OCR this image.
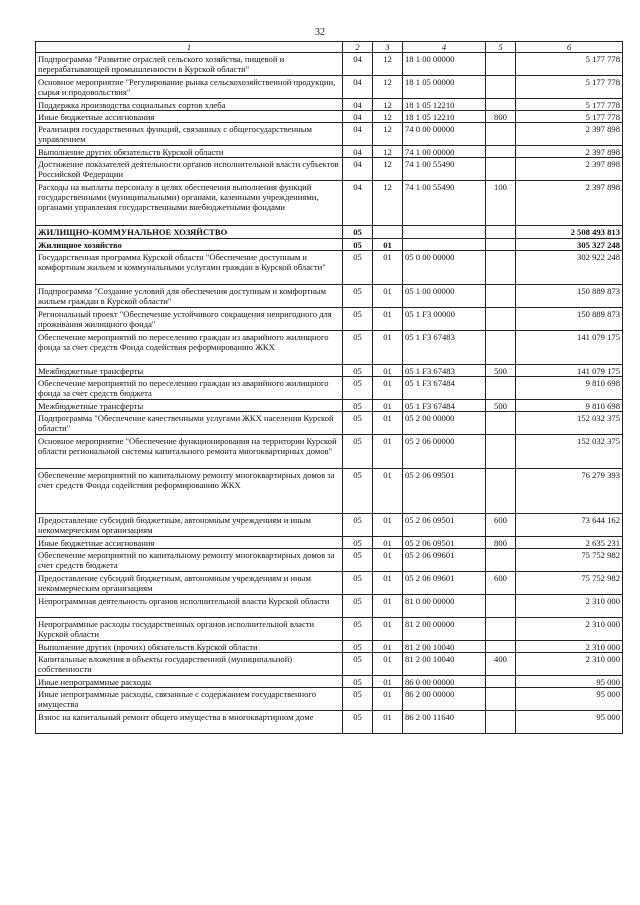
32
1	2	3	4	5	6
Подпрограмма "Развитие отраслей сельского хозяйства, пищевой и перерабатывающей промышленности в Курской области"	04	12	18 1 00 00000		5 177 778
Основное мероприятие "Регулирование рынка сельскохозяйственной продукции, сырья и продовольствия"	04	12	18 1 05 00000		5 177 778
Поддержка производства социальных сортов хлеба	04	12	18 1 05 12210		5 177 778
Иные бюджетные ассигнования	04	12	18 1 05 12210	800	5 177 778
Реализация государственных функций, связанных с общегосударственным управлением	04	12	74 0 00 00000		2 397 898
Выполнение других обязательств Курской области	04	12	74 1 00 00000		2 397 898
Достижение показателей деятельности органов исполнительной власти субъектов Российской Федерации	04	12	74 1 00 55490		2 397 898
Расходы на выплаты персоналу в целях обеспечения выполнения функций государственными (муниципальными) органами, казенными учреждениями, органами управления государственными внебюджетными фондами	04	12	74 1 00 55490	100	2 397 898
ЖИЛИЩНО-КОММУНАЛЬНОЕ ХОЗЯЙСТВО	05				2 508 493 813
Жилищное хозяйство	05	01			305 327 248
Государственная программа Курской области "Обеспечение доступным и комфортным жильем и коммунальными услугами граждан в Курской области"	05	01	05 0 00 00000		302 922 248
Подпрограмма "Создание условий для обеспечения доступным и комфортным жильем граждан в Курской области"	05	01	05 1 00 00000		150 889 873
Региональный проект "Обеспечение устойчивого сокращения непригодного для проживания жилищного фонда"	05	01	05 1 F3 00000		150 889 873
Обеспечение мероприятий по переселению граждан из аварийного жилищного фонда за счет средств Фонда содействия реформированию ЖКХ	05	01	05 1 F3 67483		141 079 175
Межбюджетные трансферты	05	01	05 1 F3 67483	500	141 079 175
Обеспечение мероприятий по переселению граждан из аварийного жилищного фонда за счет средств бюджета	05	01	05 1 F3 67484		9 810 698
Межбюджетные трансферты	05	01	05 1 F3 67484	500	9 810 698
Подпрограмма "Обеспечение качественными услугами ЖКХ населения Курской области"	05	01	05 2 00 00000		152 032 375
Основное мероприятие "Обеспечение функционирования на территории Курской области региональной системы капитального ремонта многоквартирных домов"	05	01	05 2 06 00000		152 032 375
Обеспечение мероприятий по капитальному ремонту многоквартирных домов за счет средств Фонда содействия реформированию ЖКХ	05	01	05 2 06 09501		76 279 393
Предоставление субсидий бюджетным, автономным учреждениям и иным некоммерческим организациям	05	01	05 2 06 09501	600	73 644 162
Иные бюджетные ассигнования	05	01	05 2 06 09501	800	2 635 231
Обеспечение мероприятий по капитальному ремонту многоквартирных домов за счет средств бюджета	05	01	05 2 06 09601		75 752 982
Предоставление субсидий бюджетным, автономным учреждениям и иным некоммерческим организациям	05	01	05 2 06 09601	600	75 752 982
Непрограммная деятельность органов исполнительной власти Курской области	05	01	81 0 00 00000		2 310 000
Непрограммные расходы государственных органов исполнительной власти Курской области	05	01	81 2 00 00000		2 310 000
Выполнение других (прочих) обязательств Курской области	05	01	81 2 00 10040		2 310 000
Капитальные вложения в объекты государственной (муниципальной) собственности	05	01	81 2 00 10040	400	2 310 000
Иные непрограммные расходы	05	01	86 0 00 00000		95 000
Иные непрограммные расходы, связанные с содержанием государственного имущества	05	01	86 2 00 00000		95 000
Взнос на капитальный ремонт общего имущества в многоквартирном доме	05	01	86 2 00 11640		95 000
